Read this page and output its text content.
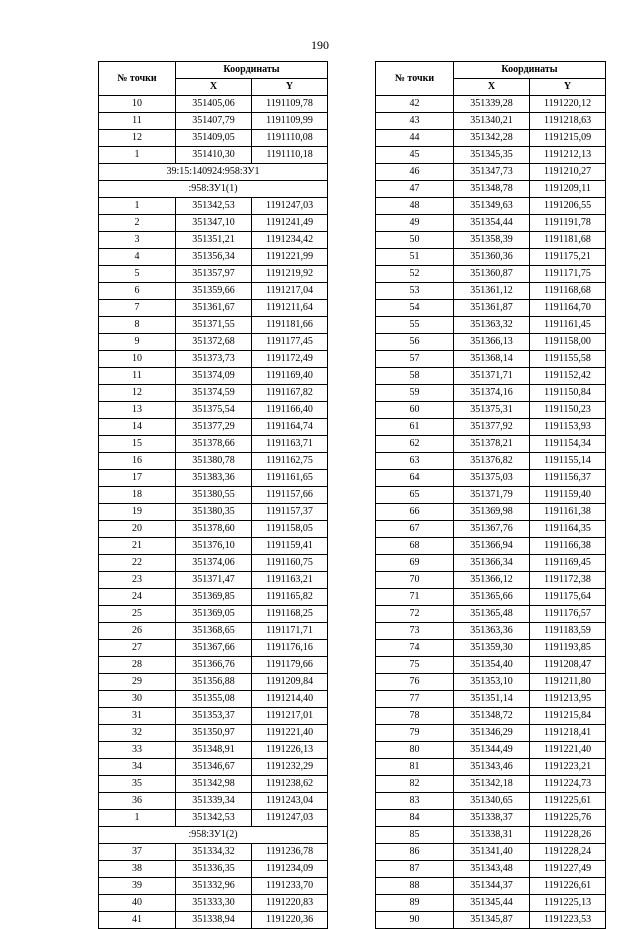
190
№ точки	Координаты	
	X	Y
10	351405,06	1191109,78
11	351407,79	1191109,99
12	351409,05	1191110,08
1	351410,30	1191110,18
39:15:140924:958:ЗУ1		
:958:ЗУ1(1)		
1	351342,53	1191247,03
2	351347,10	1191241,49
3	351351,21	1191234,42
4	351356,34	1191221,99
5	351357,97	1191219,92
6	351359,66	1191217,04
7	351361,67	1191211,64
8	351371,55	1191181,66
9	351372,68	1191177,45
10	351373,73	1191172,49
11	351374,09	1191169,40
12	351374,59	1191167,82
13	351375,54	1191166,40
14	351377,29	1191164,74
15	351378,66	1191163,71
16	351380,78	1191162,75
17	351383,36	1191161,65
18	351380,55	1191157,66
19	351380,35	1191157,37
20	351378,60	1191158,05
21	351376,10	1191159,41
22	351374,06	1191160,75
23	351371,47	1191163,21
24	351369,85	1191165,82
25	351369,05	1191168,25
26	351368,65	1191171,71
27	351367,66	1191176,16
28	351366,76	1191179,66
29	351356,88	1191209,84
30	351355,08	1191214,40
31	351353,37	1191217,01
32	351350,97	1191221,40
33	351348,91	1191226,13
34	351346,67	1191232,29
35	351342,98	1191238,62
36	351339,34	1191243,04
1	351342,53	1191247,03
:958:ЗУ1(2)		
37	351334,32	1191236,78
38	351336,35	1191234,09
39	351332,96	1191233,70
40	351333,30	1191220,83
41	351338,94	1191220,36
№ точки	Координаты	
	X	Y
42	351339,28	1191220,12
43	351340,21	1191218,63
44	351342,28	1191215,09
45	351345,35	1191212,13
46	351347,73	1191210,27
47	351348,78	1191209,11
48	351349,63	1191206,55
49	351354,44	1191191,78
50	351358,39	1191181,68
51	351360,36	1191175,21
52	351360,87	1191171,75
53	351361,12	1191168,68
54	351361,87	1191164,70
55	351363,32	1191161,45
56	351366,13	1191158,00
57	351368,14	1191155,58
58	351371,71	1191152,42
59	351374,16	1191150,84
60	351375,31	1191150,23
61	351377,92	1191153,93
62	351378,21	1191154,34
63	351376,82	1191155,14
64	351375,03	1191156,37
65	351371,79	1191159,40
66	351369,98	1191161,38
67	351367,76	1191164,35
68	351366,94	1191166,38
69	351366,34	1191169,45
70	351366,12	1191172,38
71	351365,66	1191175,64
72	351365,48	1191176,57
73	351363,36	1191183,59
74	351359,30	1191193,85
75	351354,40	1191208,47
76	351353,10	1191211,80
77	351351,14	1191213,95
78	351348,72	1191215,84
79	351346,29	1191218,41
80	351344,49	1191221,40
81	351343,46	1191223,21
82	351342,18	1191224,73
83	351340,65	1191225,61
84	351338,37	1191225,76
85	351338,31	1191228,26
86	351341,40	1191228,24
87	351343,48	1191227,49
88	351344,37	1191226,61
89	351345,44	1191225,13
90	351345,87	1191223,53
